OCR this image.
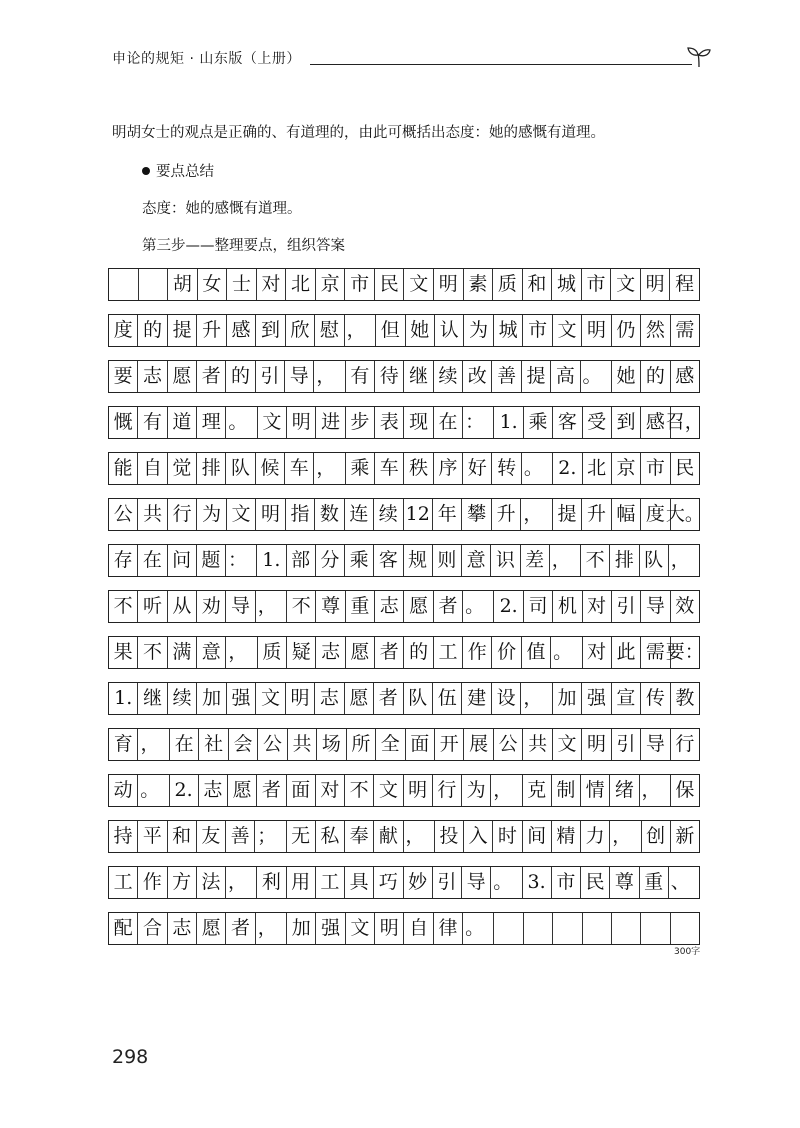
申论的规矩 · 山东版（上册）
明胡女士的观点是正确的、有道理的，由此可概括出态度：她的感慨有道理。
要点总结
态度：她的感慨有道理。
第三步——整理要点，组织答案
胡 女 士 对 北 京 市 民 文 明 素 质 和 城 市 文 明 程
度 的 提 升 感 到 欣 慰 ， 但 她 认 为 城 市 文 明 仍 然 需
要 志 愿 者 的 引 导 ， 有 待 继 续 改 善 提 高 。 她 的 感
慨 有 道 理 。 文 明 进 步 表 现 在 ： 1. 乘 客 受 到 感 召，
能 自 觉 排 队 候 车 ， 乘 车 秩 序 好 转 。 2. 北 京 市 民
公 共 行 为 文 明 指 数 连 续 12 年 攀 升 ， 提 升 幅 度 大。
存 在 问 题 ： 1. 部 分 乘 客 规 则 意 识 差 ， 不 排 队 ，
不 听 从 劝 导 ， 不 尊 重 志 愿 者 。 2. 司 机 对 引 导 效
果 不 满 意 ， 质 疑 志 愿 者 的 工 作 价 值 。 对 此 需 要：
1. 继 续 加 强 文 明 志 愿 者 队 伍 建 设 ， 加 强 宣 传 教
育 ， 在 社 会 公 共 场 所 全 面 开 展 公 共 文 明 引 导 行
动 。 2. 志 愿 者 面 对 不 文 明 行 为 ， 克 制 情 绪 ， 保
持 平 和 友 善 ； 无 私 奉 献 ， 投 入 时 间 精 力 ， 创 新
工 作 方 法 ， 利 用 工 具 巧 妙 引 导 。 3. 市 民 尊 重 、
配 合 志 愿 者 ， 加 强 文 明 自 律 。
300字
298
